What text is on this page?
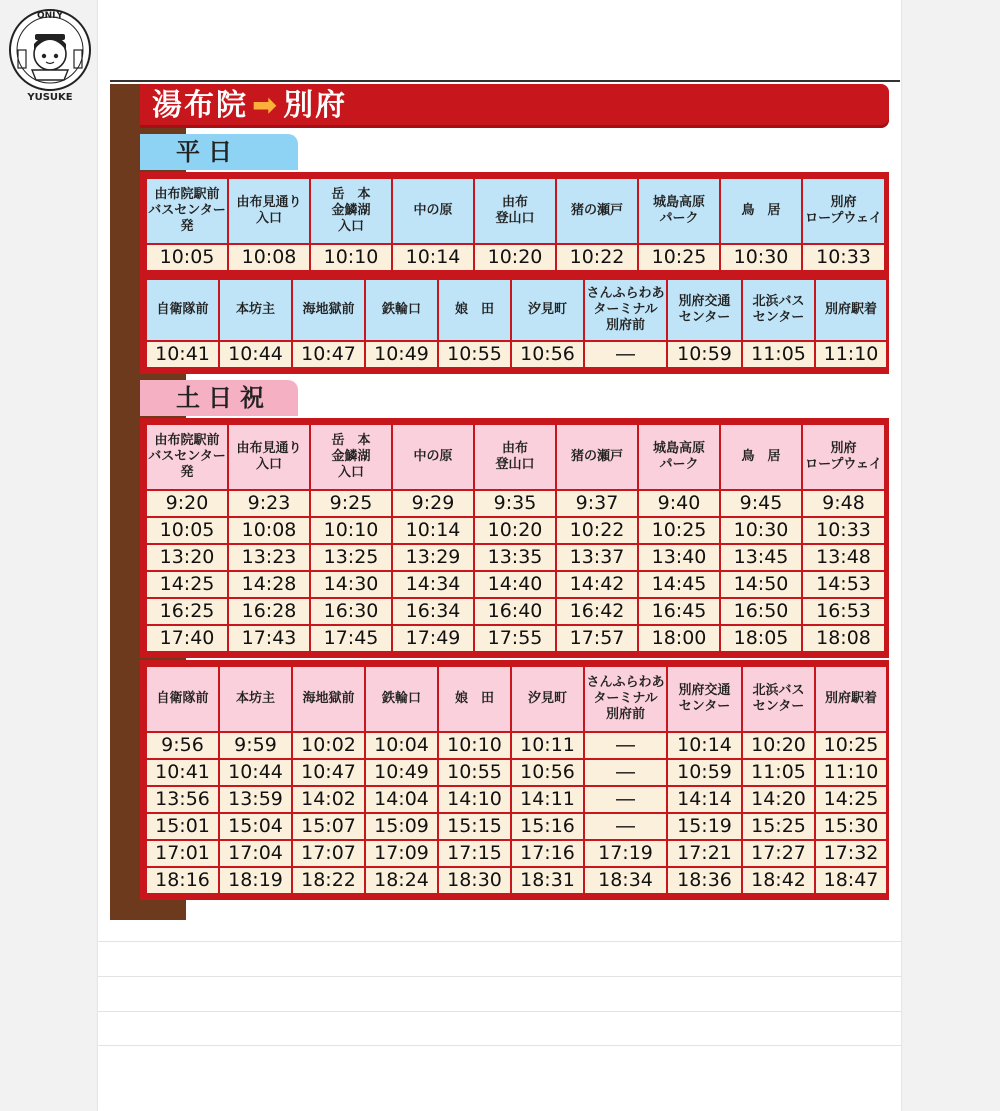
ONLY
YUSUKE	湯布院 ➡ 別府
平日
由布院駅前
バスセンター
発	由布見通り
入口	岳　本
金鱗湖
入口	中の原	由布
登山口	猪の瀬戸	城島高原
パーク	鳥　居	別府
ロープウェイ
10:05	10:08	10:10	10:14	10:20	10:22	10:25	10:30	10:33
自衛隊前	本坊主	海地獄前	鉄輪口	娘　田	汐見町	さんふらわあ
ターミナル
別府前	別府交通
センター	北浜バス
センター	別府駅着
10:41	10:44	10:47	10:49	10:55	10:56	―	10:59	11:05	11:10
土日祝
由布院駅前
バスセンター
発	由布見通り
入口	岳　本
金鱗湖
入口	中の原	由布
登山口	猪の瀬戸	城島高原
パーク	鳥　居	別府
ロープウェイ
9:20	9:23	9:25	9:29	9:35	9:37	9:40	9:45	9:48
10:05	10:08	10:10	10:14	10:20	10:22	10:25	10:30	10:33
13:20	13:23	13:25	13:29	13:35	13:37	13:40	13:45	13:48
14:25	14:28	14:30	14:34	14:40	14:42	14:45	14:50	14:53
16:25	16:28	16:30	16:34	16:40	16:42	16:45	16:50	16:53
17:40	17:43	17:45	17:49	17:55	17:57	18:00	18:05	18:08
自衛隊前	本坊主	海地獄前	鉄輪口	娘　田	汐見町	さんふらわあ
ターミナル
別府前	別府交通
センター	北浜バス
センター	別府駅着
9:56	9:59	10:02	10:04	10:10	10:11	―	10:14	10:20	10:25
10:41	10:44	10:47	10:49	10:55	10:56	―	10:59	11:05	11:10
13:56	13:59	14:02	14:04	14:10	14:11	―	14:14	14:20	14:25
15:01	15:04	15:07	15:09	15:15	15:16	―	15:19	15:25	15:30
17:01	17:04	17:07	17:09	17:15	17:16	17:19	17:21	17:27	17:32
18:16	18:19	18:22	18:24	18:30	18:31	18:34	18:36	18:42	18:47
